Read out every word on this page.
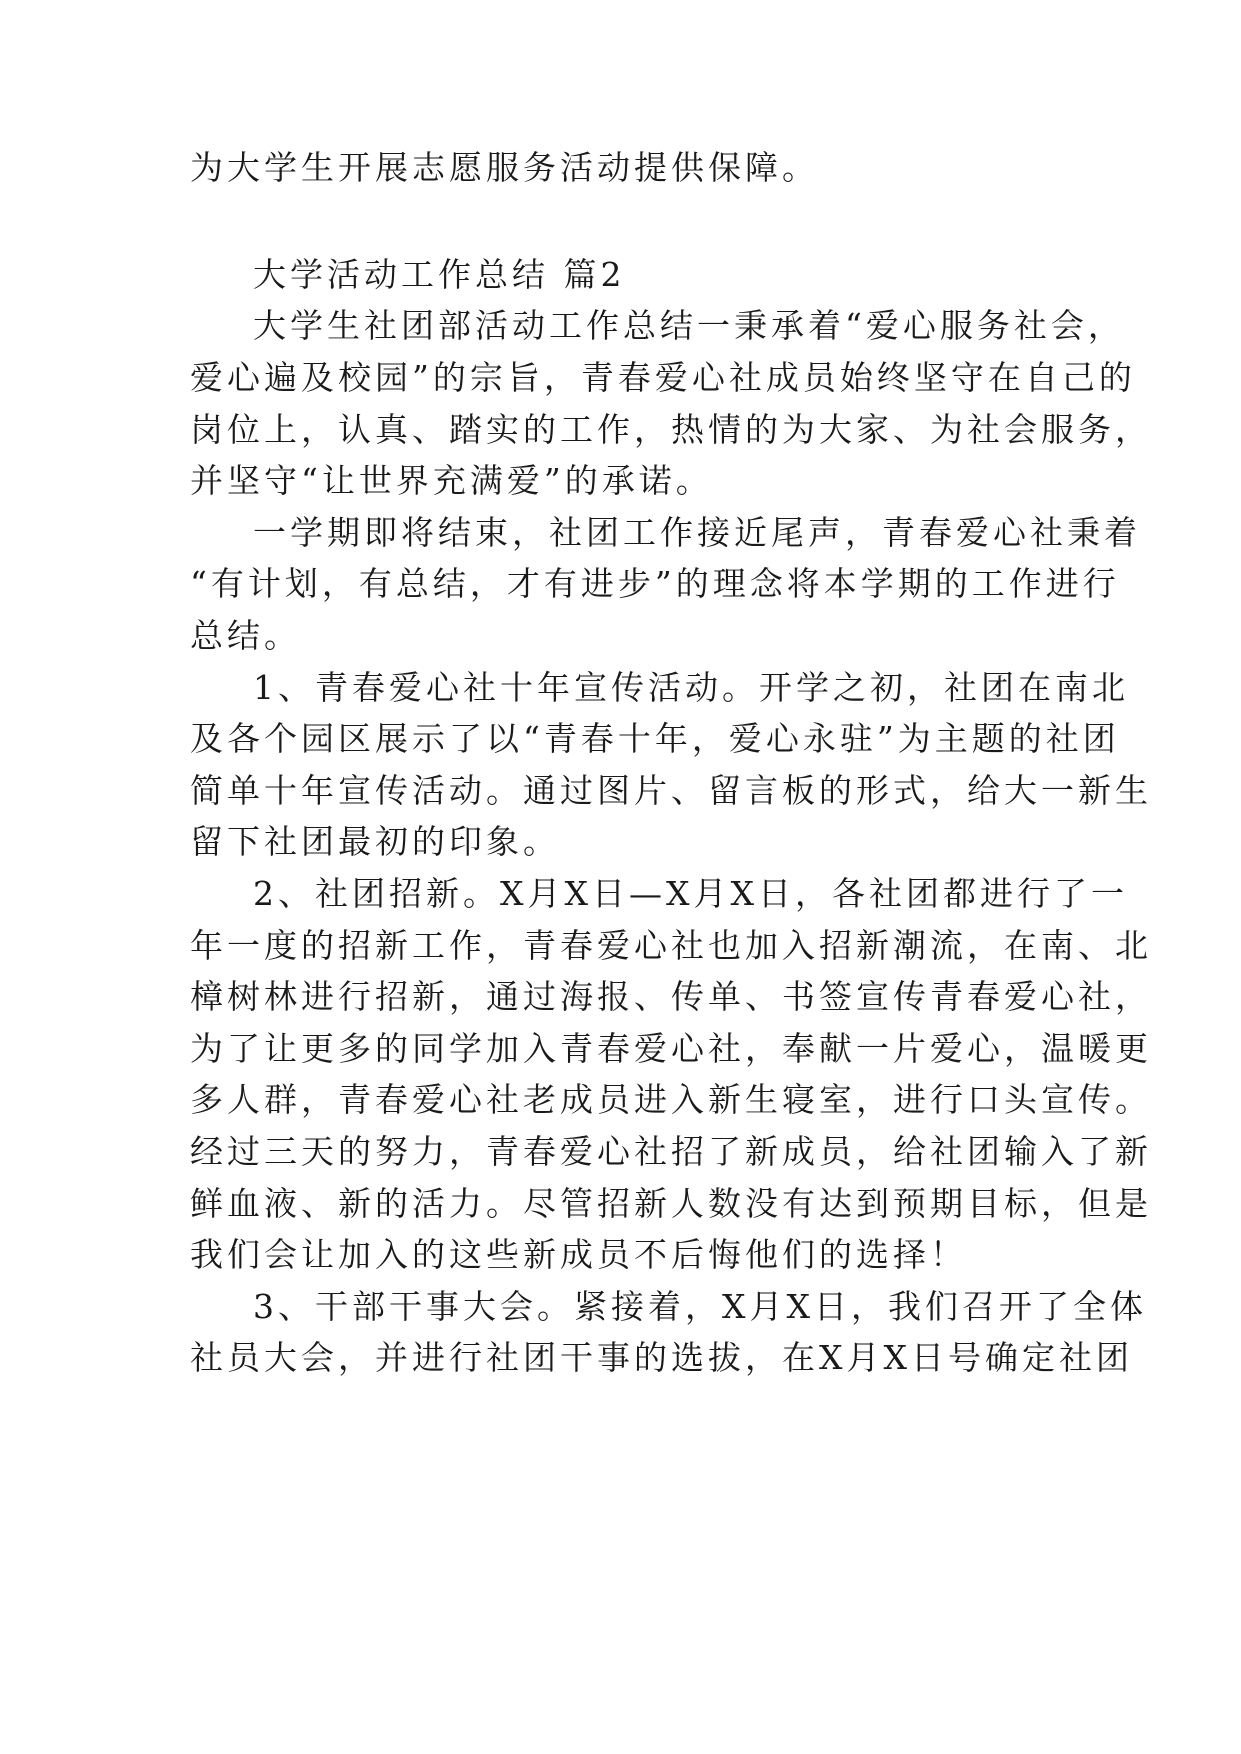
为大学生开展志愿服务活动提供保障。
大学活动工作总结 篇2
大学生社团部活动工作总结一秉承着“爱心服务社会，
爱心遍及校园”的宗旨，青春爱心社成员始终坚守在自己的
岗位上，认真、踏实的工作，热情的为大家、为社会服务，
并坚守“让世界充满爱”的承诺。
一学期即将结束，社团工作接近尾声，青春爱心社秉着
“有计划，有总结，才有进步”的理念将本学期的工作进行
总结。
1、青春爱心社十年宣传活动。开学之初，社团在南北
及各个园区展示了以“青春十年，爱心永驻”为主题的社团
简单十年宣传活动。通过图片、留言板的形式，给大一新生
留下社团最初的印象。
2、社团招新。X月X日—X月X日，各社团都进行了一
年一度的招新工作，青春爱心社也加入招新潮流，在南、北
樟树林进行招新，通过海报、传单、书签宣传青春爱心社，
为了让更多的同学加入青春爱心社，奉献一片爱心，温暖更
多人群，青春爱心社老成员进入新生寝室，进行口头宣传。
经过三天的努力，青春爱心社招了新成员，给社团输入了新
鲜血液、新的活力。尽管招新人数没有达到预期目标，但是
我们会让加入的这些新成员不后悔他们的选择！
3、干部干事大会。紧接着，X月X日，我们召开了全体
社员大会，并进行社团干事的选拔，在X月X日号确定社团
